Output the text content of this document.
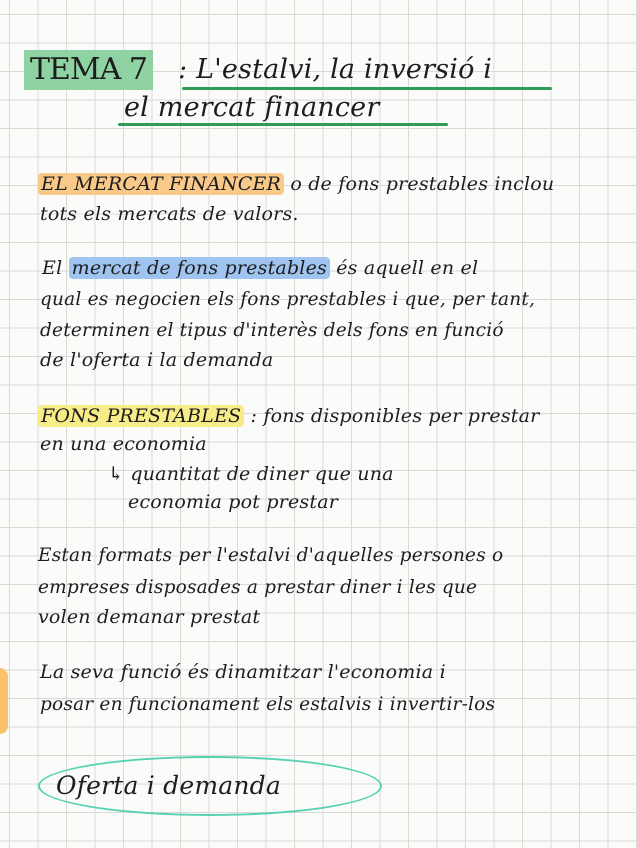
TEMA 7 : L'estalvi, la inversió i
el mercat financer
EL MERCAT FINANCER o de fons prestables inclou
tots els mercats de valors.
El mercat de fons prestables és aquell en el
qual es negocien els fons prestables i que, per tant,
determinen el tipus d'interès dels fons en funció
de l'oferta i la demanda
FONS PRESTABLES : fons disponibles per prestar
en una economia
↳ quantitat de diner que una
economia pot prestar
Estan formats per l'estalvi d'aquelles persones o
empreses disposades a prestar diner i les que
volen demanar prestat
La seva funció és dinamitzar l'economia i
posar en funcionament els estalvis i invertir-los
Oferta i demanda
